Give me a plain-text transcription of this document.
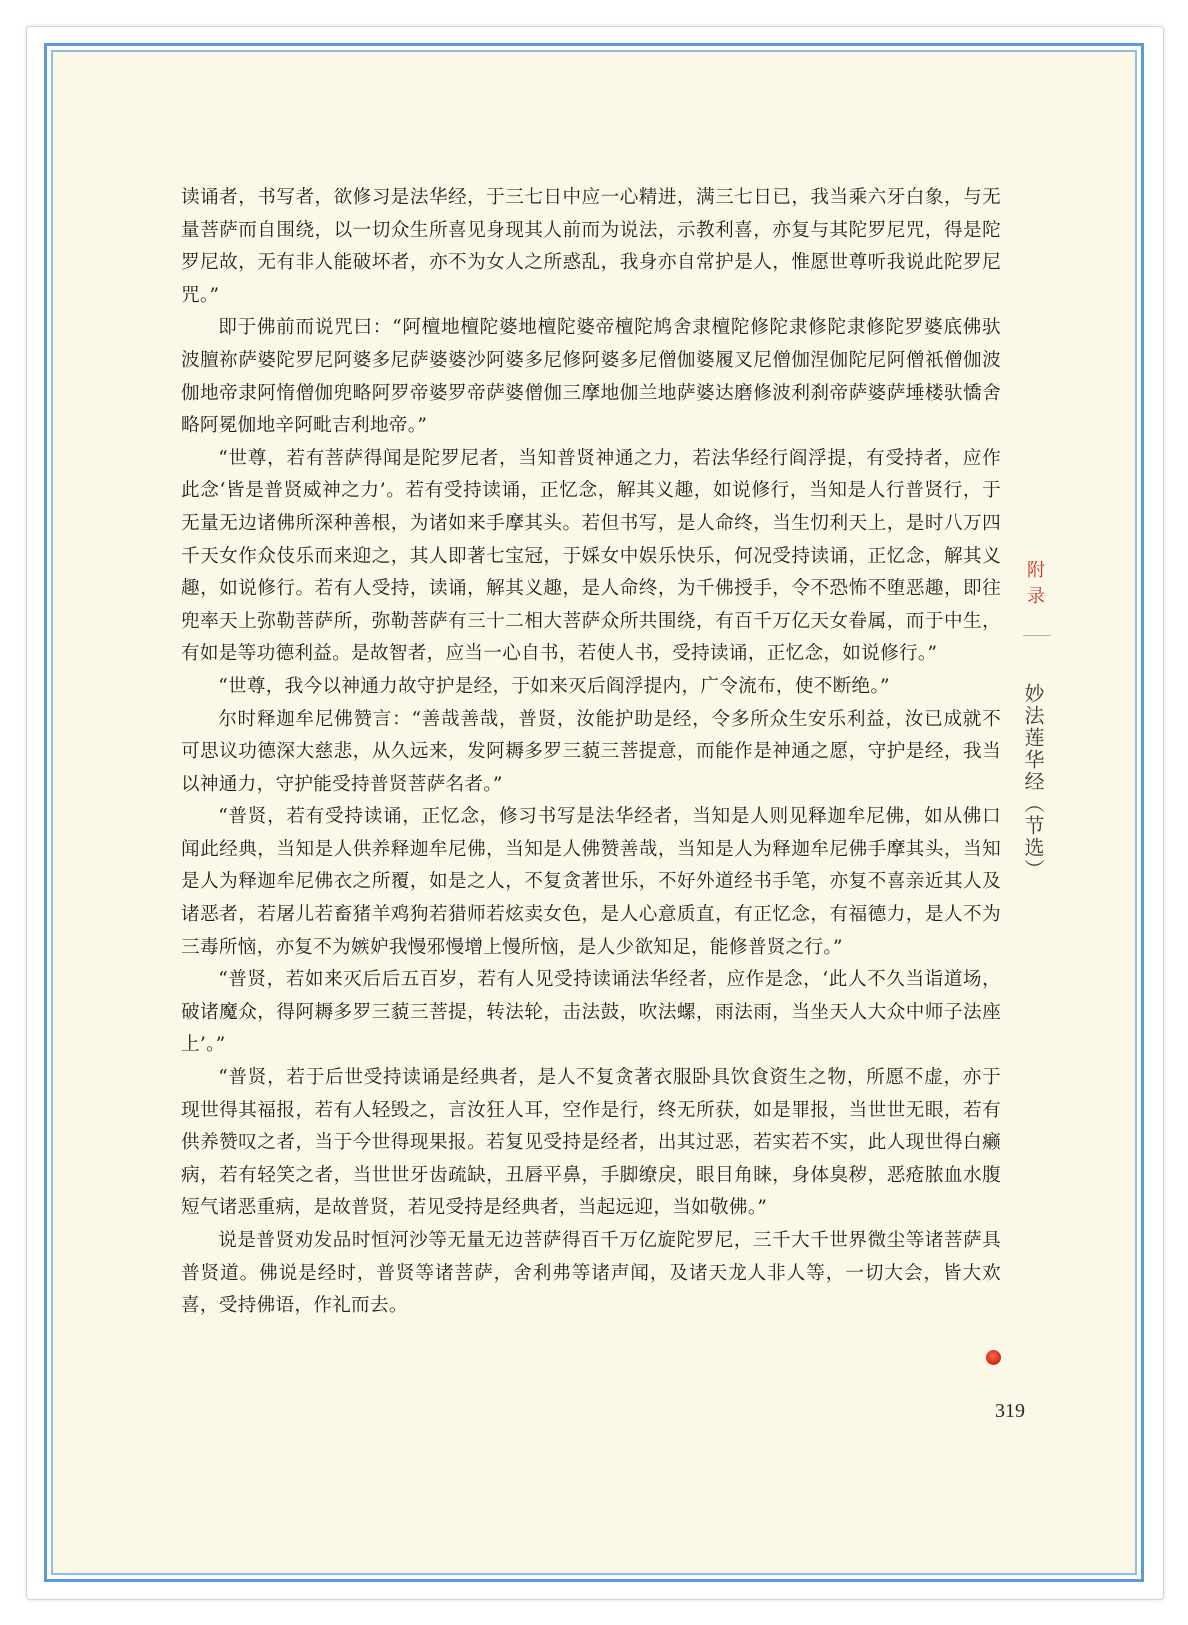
读诵者，书写者，欲修习是法华经，于三七日中应一心精进，满三七日已，我当乘六牙白象，与无量菩萨而自围绕，以一切众生所喜见身现其人前而为说法，示教利喜，亦复与其陀罗尼咒，得是陀罗尼故，无有非人能破坏者，亦不为女人之所惑乱，我身亦自常护是人，惟愿世尊听我说此陀罗尼咒。”

即于佛前而说咒曰：“阿檀地檀陀婆地檀陀婆帝檀陀鸠舍隶檀陀修陀隶修陀隶修陀罗婆底佛驮波膻祢萨婆陀罗尼阿婆多尼萨婆婆沙阿婆多尼修阿婆多尼僧伽婆履叉尼僧伽涅伽陀尼阿僧祇僧伽波伽地帝隶阿惰僧伽兜略阿罗帝婆罗帝萨婆僧伽三摩地伽兰地萨婆达磨修波利刹帝萨婆萨埵楼驮憍舍略阿冕伽地辛阿毗吉利地帝。”

“世尊，若有菩萨得闻是陀罗尼者，当知普贤神通之力，若法华经行阎浮提，有受持者，应作此念‘皆是普贤威神之力’。若有受持读诵，正忆念，解其义趣，如说修行，当知是人行普贤行，于无量无边诸佛所深种善根，为诸如来手摩其头。若但书写，是人命终，当生忉利天上，是时八万四千天女作众伎乐而来迎之，其人即著七宝冠，于婇女中娱乐快乐，何况受持读诵，正忆念，解其义趣，如说修行。若有人受持，读诵，解其义趣，是人命终，为千佛授手，令不恐怖不堕恶趣，即往兜率天上弥勒菩萨所，弥勒菩萨有三十二相大菩萨众所共围绕，有百千万亿天女眷属，而于中生，有如是等功德利益。是故智者，应当一心自书，若使人书，受持读诵，正忆念，如说修行。”

“世尊，我今以神通力故守护是经，于如来灭后阎浮提内，广令流布，使不断绝。”

尔时释迦牟尼佛赞言：“善哉善哉，普贤，汝能护助是经，令多所众生安乐利益，汝已成就不可思议功德深大慈悲，从久远来，发阿耨多罗三藐三菩提意，而能作是神通之愿，守护是经，我当以神通力，守护能受持普贤菩萨名者。”

“普贤，若有受持读诵，正忆念，修习书写是法华经者，当知是人则见释迦牟尼佛，如从佛口闻此经典，当知是人供养释迦牟尼佛，当知是人佛赞善哉，当知是人为释迦牟尼佛手摩其头，当知是人为释迦牟尼佛衣之所覆，如是之人，不复贪著世乐，不好外道经书手笔，亦复不喜亲近其人及诸恶者，若屠儿若畜猪羊鸡狗若猎师若炫卖女色，是人心意质直，有正忆念，有福德力，是人不为三毒所恼，亦复不为嫉妒我慢邪慢增上慢所恼，是人少欲知足，能修普贤之行。”

“普贤，若如来灭后后五百岁，若有人见受持读诵法华经者，应作是念，‘此人不久当诣道场，破诸魔众，得阿耨多罗三藐三菩提，转法轮，击法鼓，吹法螺，雨法雨，当坐天人大众中师子法座上’。”

“普贤，若于后世受持读诵是经典者，是人不复贪著衣服卧具饮食资生之物，所愿不虚，亦于现世得其福报，若有人轻毁之，言汝狂人耳，空作是行，终无所获，如是罪报，当世世无眼，若有供养赞叹之者，当于今世得现果报。若复见受持是经者，出其过恶，若实若不实，此人现世得白癞病，若有轻笑之者，当世世牙齿疏缺，丑唇平鼻，手脚缭戾，眼目角睐，身体臭秽，恶疮脓血水腹短气诸恶重病，是故普贤，若见受持是经典者，当起远迎，当如敬佛。”

说是普贤劝发品时恒河沙等无量无边菩萨得百千万亿旋陀罗尼，三千大千世界微尘等诸菩萨具普贤道。佛说是经时，普贤等诸菩萨，舍利弗等诸声闻，及诸天龙人非人等，一切大会，皆大欢喜，受持佛语，作礼而去。

附录
妙法莲华经（节选）
319
